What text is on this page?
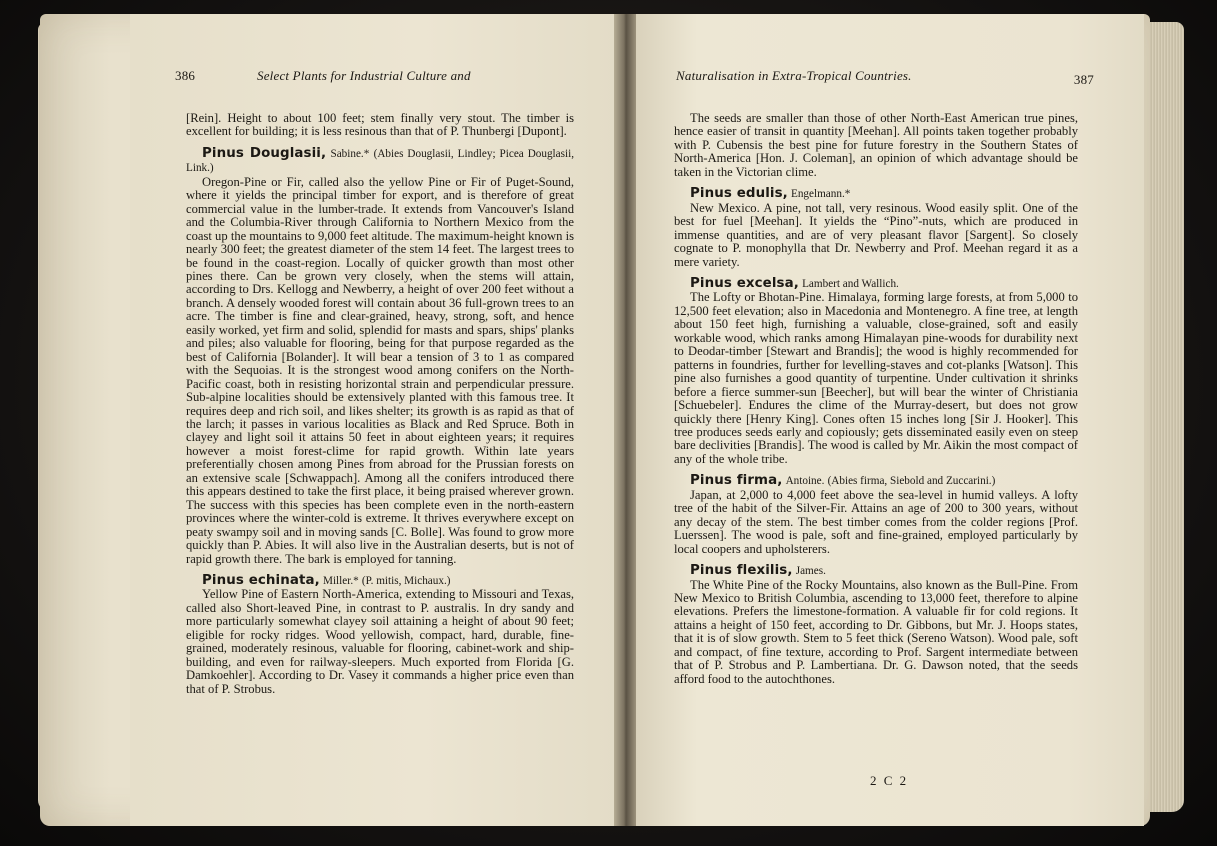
386	Select Plants for Industrial Culture and

[Rein]. Height to about 100 feet; stem finally very stout. The timber is excellent for building; it is less resinous than that of P. Thunbergi [Dupont].

Pinus Douglasii, Sabine.* (Abies Douglasii, Lindley; Picea Douglasii, Link.)

Oregon-Pine or Fir, called also the yellow Pine or Fir of Puget-Sound, where it yields the principal timber for export, and is therefore of great commercial value in the lumber-trade. It extends from Vancouver's Island and the Columbia-River through California to Northern Mexico from the coast up the mountains to 9,000 feet altitude. The maximum-height known is nearly 300 feet; the greatest diameter of the stem 14 feet. The largest trees to be found in the coast-region. Locally of quicker growth than most other pines there. Can be grown very closely, when the stems will attain, according to Drs. Kellogg and Newberry, a height of over 200 feet without a branch. A densely wooded forest will contain about 36 full-grown trees to an acre. The timber is fine and clear-grained, heavy, strong, soft, and hence easily worked, yet firm and solid, splendid for masts and spars, ships' planks and piles; also valuable for flooring, being for that purpose regarded as the best of California [Bolander]. It will bear a tension of 3 to 1 as compared with the Sequoias. It is the strongest wood among conifers on the North-Pacific coast, both in resisting horizontal strain and perpendicular pressure. Sub-alpine localities should be extensively planted with this famous tree. It requires deep and rich soil, and likes shelter; its growth is as rapid as that of the larch; it passes in various localities as Black and Red Spruce. Both in clayey and light soil it attains 50 feet in about eighteen years; it requires however a moist forest-clime for rapid growth. Within late years preferentially chosen among Pines from abroad for the Prussian forests on an extensive scale [Schwappach]. Among all the conifers introduced there this appears destined to take the first place, it being praised wherever grown. The success with this species has been complete even in the north-eastern provinces where the winter-cold is extreme. It thrives everywhere except on peaty swampy soil and in moving sands [C. Bolle]. Was found to grow more quickly than P. Abies. It will also live in the Australian deserts, but is not of rapid growth there. The bark is employed for tanning.

Pinus echinata, Miller.* (P. mitis, Michaux.)

Yellow Pine of Eastern North-America, extending to Missouri and Texas, called also Short-leaved Pine, in contrast to P. australis. In dry sandy and more particularly somewhat clayey soil attaining a height of about 90 feet; eligible for rocky ridges. Wood yellowish, compact, hard, durable, fine-grained, moderately resinous, valuable for flooring, cabinet-work and ship-building, and even for railway-sleepers. Much exported from Florida [G. Damkoehler]. According to Dr. Vasey it commands a higher price even than that of P. Strobus.

Naturalisation in Extra-Tropical Countries.	387

The seeds are smaller than those of other North-East American true pines, hence easier of transit in quantity [Meehan]. All points taken together probably with P. Cubensis the best pine for future forestry in the Southern States of North-America [Hon. J. Coleman], an opinion of which advantage should be taken in the Victorian clime.

Pinus edulis, Engelmann.*

New Mexico. A pine, not tall, very resinous. Wood easily split. One of the best for fuel [Meehan]. It yields the “Pino”-nuts, which are produced in immense quantities, and are of very pleasant flavor [Sargent]. So closely cognate to P. monophylla that Dr. Newberry and Prof. Meehan regard it as a mere variety.

Pinus excelsa, Lambert and Wallich.

The Lofty or Bhotan-Pine. Himalaya, forming large forests, at from 5,000 to 12,500 feet elevation; also in Macedonia and Montenegro. A fine tree, at length about 150 feet high, furnishing a valuable, close-grained, soft and easily workable wood, which ranks among Himalayan pine-woods for durability next to Deodar-timber [Stewart and Brandis]; the wood is highly recommended for patterns in foundries, further for levelling-staves and cot-planks [Watson]. This pine also furnishes a good quantity of turpentine. Under cultivation it shrinks before a fierce summer-sun [Beecher], but will bear the winter of Christiania [Schuebeler]. Endures the clime of the Murray-desert, but does not grow quickly there [Henry King]. Cones often 15 inches long [Sir J. Hooker]. This tree produces seeds early and copiously; gets disseminated easily even on steep bare declivities [Brandis]. The wood is called by Mr. Aikin the most compact of any of the whole tribe.

Pinus firma, Antoine. (Abies firma, Siebold and Zuccarini.)

Japan, at 2,000 to 4,000 feet above the sea-level in humid valleys. A lofty tree of the habit of the Silver-Fir. Attains an age of 200 to 300 years, without any decay of the stem. The best timber comes from the colder regions [Prof. Luerssen]. The wood is pale, soft and fine-grained, employed particularly by local coopers and upholsterers.

Pinus flexilis, James.

The White Pine of the Rocky Mountains, also known as the Bull-Pine. From New Mexico to British Columbia, ascending to 13,000 feet, therefore to alpine elevations. Prefers the limestone-formation. A valuable fir for cold regions. It attains a height of 150 feet, according to Dr. Gibbons, but Mr. J. Hoops states, that it is of slow growth. Stem to 5 feet thick (Sereno Watson). Wood pale, soft and compact, of fine texture, according to Prof. Sargent intermediate between that of P. Strobus and P. Lambertiana. Dr. G. Dawson noted, that the seeds afford food to the autochthones.

2 C 2
